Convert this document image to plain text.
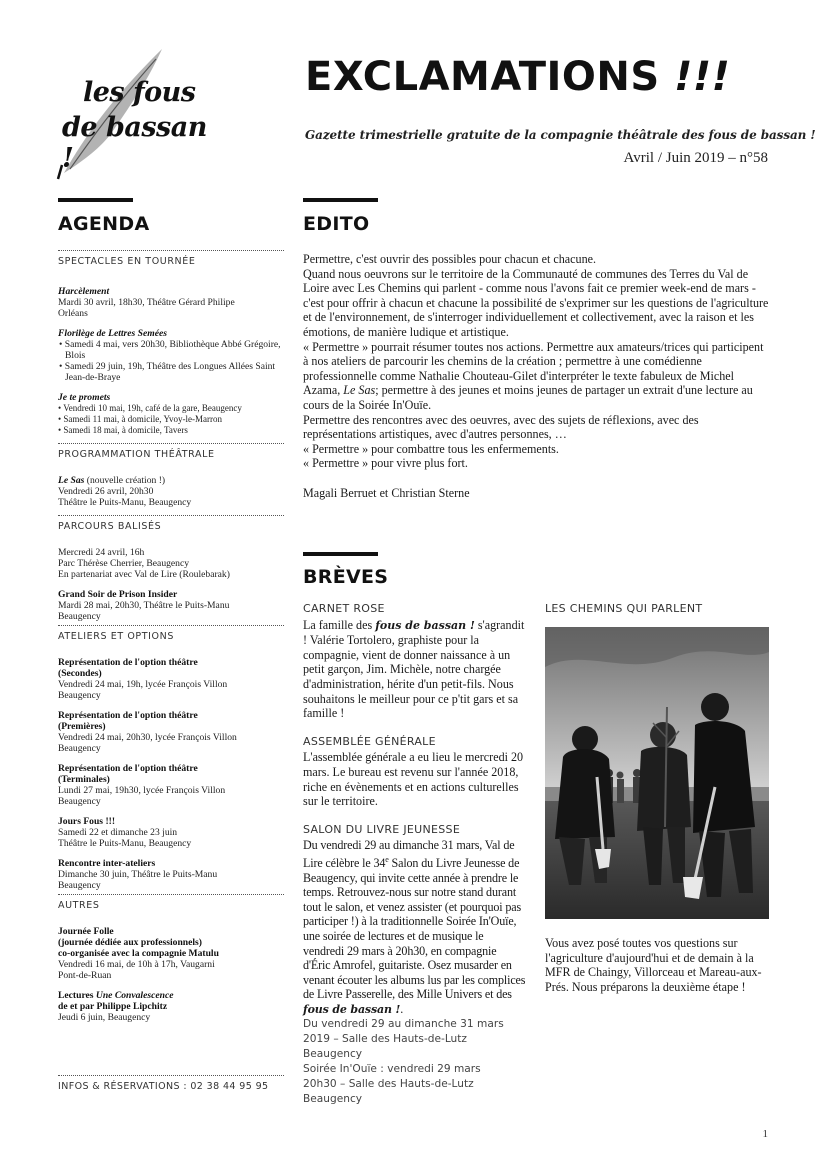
les fous
de bassan !
EXCLAMATIONS !!!
Gazette trimestrielle gratuite de la compagnie théâtrale des fous de bassan !
Avril / Juin 2019 – n°58
AGENDA
SPECTACLES EN TOURNÉE
Harcèlement
Mardi 30 avril, 18h30, Théâtre Gérard Philipe
Orléans
Florilège de Lettres Semées
• Samedi 4 mai, vers 20h30, Bibliothèque Abbé Grégoire, Blois
• Samedi 29 juin, 19h, Théâtre des Longues Allées Saint Jean-de-Braye
Je te promets
• Vendredi 10 mai, 19h, café de la gare, Beaugency
• Samedi 11 mai, à domicile, Yvoy-le-Marron
• Samedi 18 mai, à domicile, Tavers
PROGRAMMATION THÉÂTRALE
Le Sas (nouvelle création !)
Vendredi 26 avril, 20h30
Théâtre le Puits-Manu, Beaugency
PARCOURS BALISÉS
Mercredi 24 avril, 16h
Parc Thérèse Cherrier, Beaugency
En partenariat avec Val de Lire (Roulebarak)
Grand Soir de Prison Insider
Mardi 28 mai, 20h30, Théâtre le Puits-Manu
Beaugency
ATELIERS ET OPTIONS
Représentation de l'option théâtre
(Secondes)
Vendredi 24 mai, 19h, lycée François Villon
Beaugency
Représentation de l'option théâtre
(Premières)
Vendredi 24 mai, 20h30, lycée François Villon
Beaugency
Représentation de l'option théâtre
(Terminales)
Lundi 27 mai, 19h30, lycée François Villon
Beaugency
Jours Fous !!!
Samedi 22 et dimanche 23 juin
Théâtre le Puits-Manu, Beaugency
Rencontre inter-ateliers
Dimanche 30 juin, Théâtre le Puits-Manu
Beaugency
AUTRES
Journée Folle
(journée dédiée aux professionnels)
co-organisée avec la compagnie Matulu
Vendredi 16 mai, de 10h à 17h, Vaugarni
Pont-de-Ruan
Lectures Une Convalescence
de et par Philippe Lipchitz
Jeudi 6 juin, Beaugency
INFOS & RÉSERVATIONS : 02 38 44 95 95
EDITO

Permettre, c'est ouvrir des possibles pour chacun et chacune.

Quand nous oeuvrons sur le territoire de la Communauté de communes des Terres du Val de Loire avec Les Chemins qui parlent - comme nous l'avons fait ce premier week-end de mars - c'est pour offrir à chacun et chacune la possibilité de s'exprimer sur les questions de l'agriculture et de l'environnement, de s'interroger individuellement et collectivement, avec la raison et les émotions, de manière ludique et artistique.

« Permettre » pourrait résumer toutes nos actions. Permettre aux amateurs/trices qui participent à nos ateliers de parcourir les chemins de la création ; permettre à une comédienne professionnelle comme Nathalie Chouteau-Gilet d'interpréter le texte fabuleux de Michel Azama, Le Sas; permettre à des jeunes et moins jeunes de partager un extrait d'une lecture au cours de la Soirée In'Ouïe.

Permettre des rencontres avec des oeuvres, avec des sujets de réflexions, avec des représentations artistiques, avec d'autres personnes, …

« Permettre » pour combattre tous les enfermements.

« Permettre » pour vivre plus fort.

Magali Berruet et Christian Sterne

BRÈVES
CARNET ROSE

La famille des fous de bassan ! s'agrandit ! Valérie Tortolero, graphiste pour la compagnie, vient de donner naissance à un petit garçon, Jim. Michèle, notre chargée d'administration, hérite d'un petit-fils. Nous souhaitons le meilleur pour ce p'tit gars et sa famille !

ASSEMBLÉE GÉNÉRALE

L'assemblée générale a eu lieu le mercredi 20 mars. Le bureau est revenu sur l'année 2018, riche en évènements et en actions culturelles sur le territoire.

SALON DU LIVRE JEUNESSE

Du vendredi 29 au dimanche 31 mars, Val de Lire célèbre le 34e Salon du Livre Jeunesse de Beaugency, qui invite cette année à prendre le temps. Retrouvez-nous sur notre stand durant tout le salon, et venez assister (et pourquoi pas participer !) à la traditionnelle Soirée In'Ouïe, une soirée de lectures et de musique le vendredi 29 mars à 20h30, en compagnie d'Éric Amrofel, guitariste. Osez musarder en venant écouter les albums lus par les complices de Livre Passerelle, des Mille Univers et des fous de bassan !.

Du vendredi 29 au dimanche 31 mars
2019 – Salle des Hauts-de-Lutz
Beaugency
Soirée In'Ouïe : vendredi 29 mars
20h30 – Salle des Hauts-de-Lutz
Beaugency
LES CHEMINS QUI PARLENT
Vous avez posé toutes vos questions sur l'agriculture d'aujourd'hui et de demain à la MFR de Chaingy, Villorceau et Mareau-aux-Prés. Nous préparons la deuxième étape !
1
